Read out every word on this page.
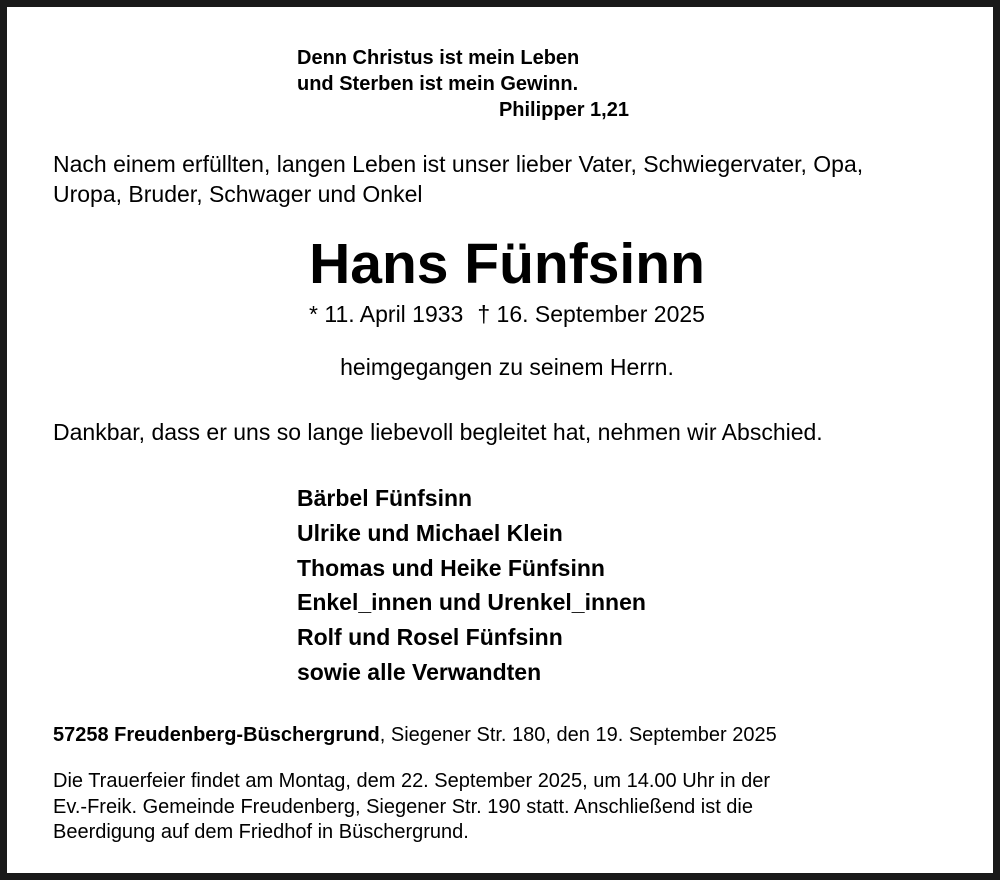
Denn Christus ist mein Leben
und Sterben ist mein Gewinn.
Philipper 1,21
Nach einem erfüllten, langen Leben ist unser lieber Vater, Schwiegervater, Opa,
Uropa, Bruder, Schwager und Onkel
Hans Fünfsinn
* 11. April 1933 † 16. September 2025
heimgegangen zu seinem Herrn.
Dankbar, dass er uns so lange liebevoll begleitet hat, nehmen wir Abschied.
Bärbel Fünfsinn
Ulrike und Michael Klein
Thomas und Heike Fünfsinn
Enkel_innen und Urenkel_innen
Rolf und Rosel Fünfsinn
sowie alle Verwandten
57258 Freudenberg-Büschergrund, Siegener Str. 180, den 19. September 2025
Die Trauerfeier findet am Montag, dem 22. September 2025, um 14.00 Uhr in der
Ev.-Freik. Gemeinde Freudenberg, Siegener Str. 190 statt. Anschließend ist die
Beerdigung auf dem Friedhof in Büschergrund.
